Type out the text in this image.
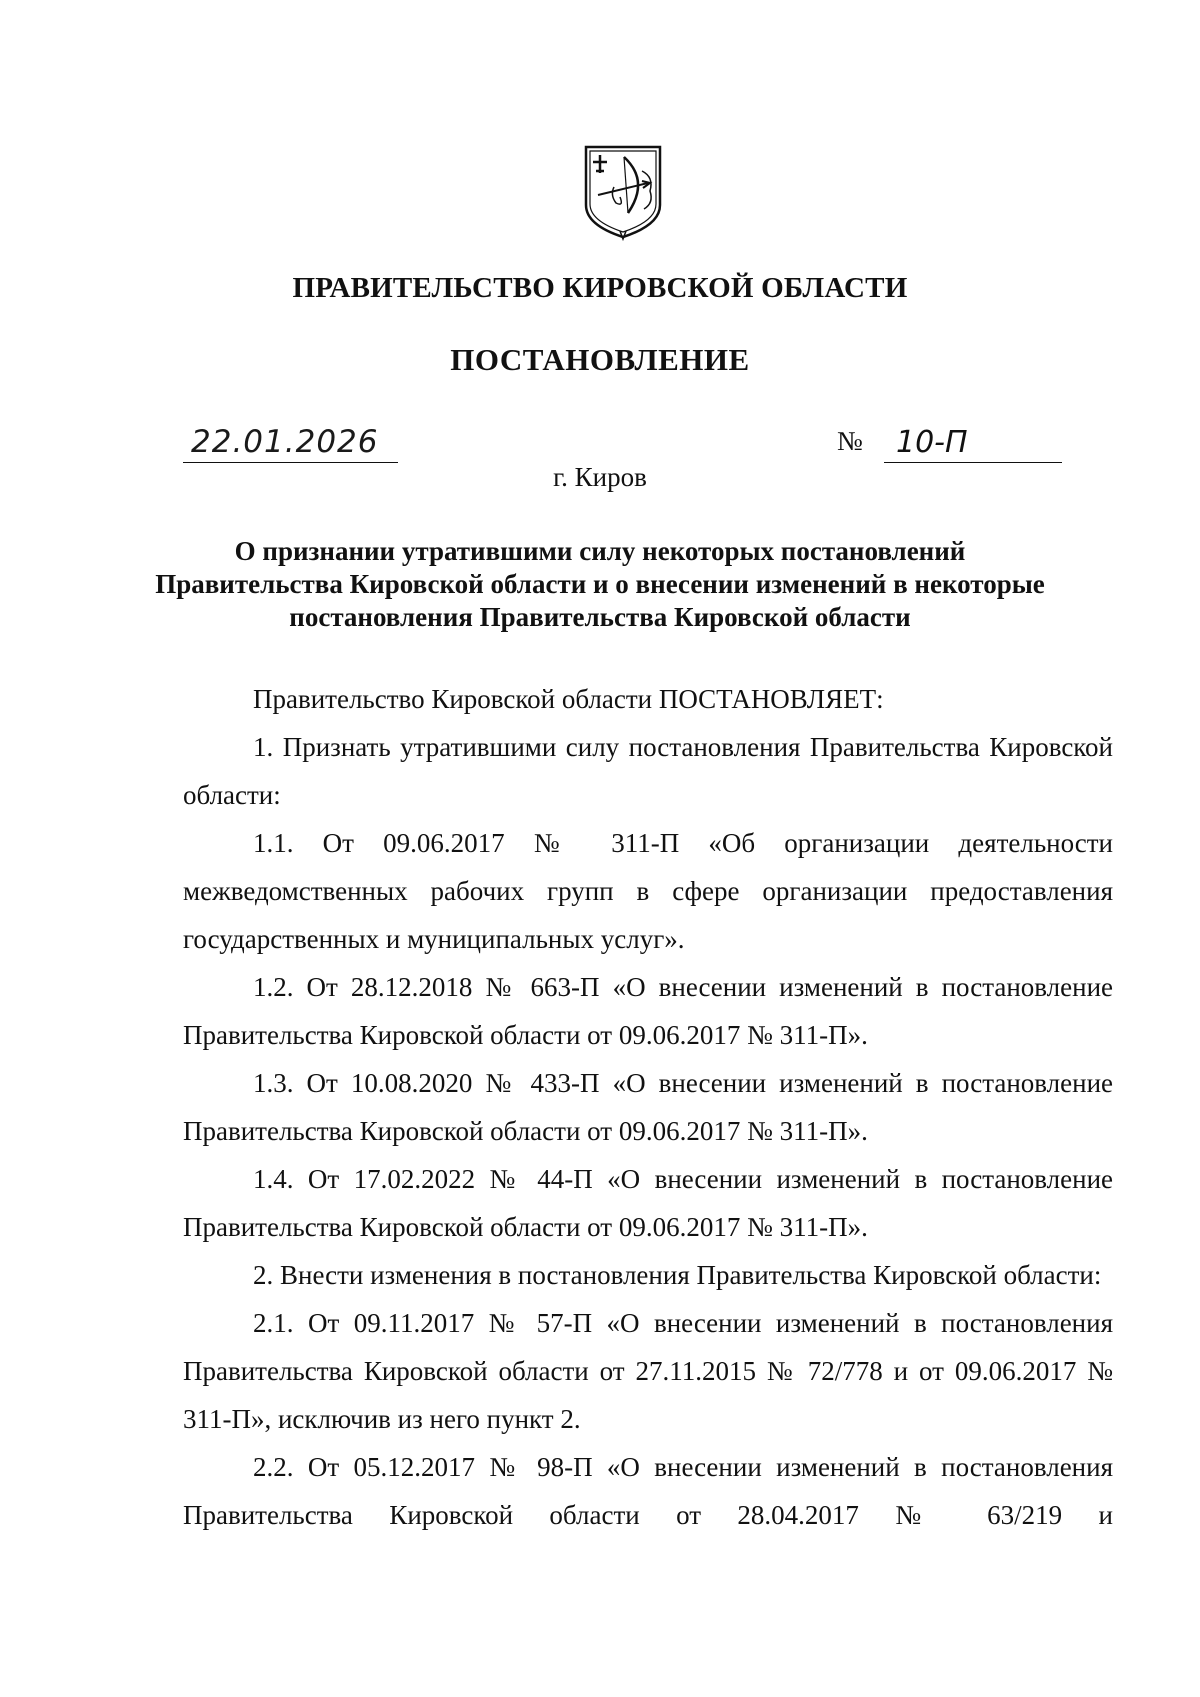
ПРАВИТЕЛЬСТВО КИРОВСКОЙ ОБЛАСТИ
ПОСТАНОВЛЕНИЕ
22.01.2026	№ 10-П
г. Киров
О признании утратившими силу некоторых постановлений
Правительства Кировской области и о внесении изменений в некоторые
постановления Правительства Кировской области

Правительство Кировской области ПОСТАНОВЛЯЕТ:

1. Признать утратившими силу постановления Правительства Кировской области:

1.1. От 09.06.2017 № 311-П «Об организации деятельности межведомственных рабочих групп в сфере организации предоставления государственных и муниципальных услуг».

1.2. От 28.12.2018 № 663-П «О внесении изменений в постановление Правительства Кировской области от 09.06.2017 № 311-П».

1.3. От 10.08.2020 № 433-П «О внесении изменений в постановление Правительства Кировской области от 09.06.2017 № 311-П».

1.4. От 17.02.2022 № 44-П «О внесении изменений в постановление Правительства Кировской области от 09.06.2017 № 311-П».

2. Внести изменения в постановления Правительства Кировской области:

2.1. От 09.11.2017 № 57-П «О внесении изменений в постановления Правительства Кировской области от 27.11.2015 № 72/778 и от 09.06.2017 № 311-П», исключив из него пункт 2.

2.2. От 05.12.2017 № 98-П «О внесении изменений в постановления Правительства Кировской области от 28.04.2017 № 63/219 и
